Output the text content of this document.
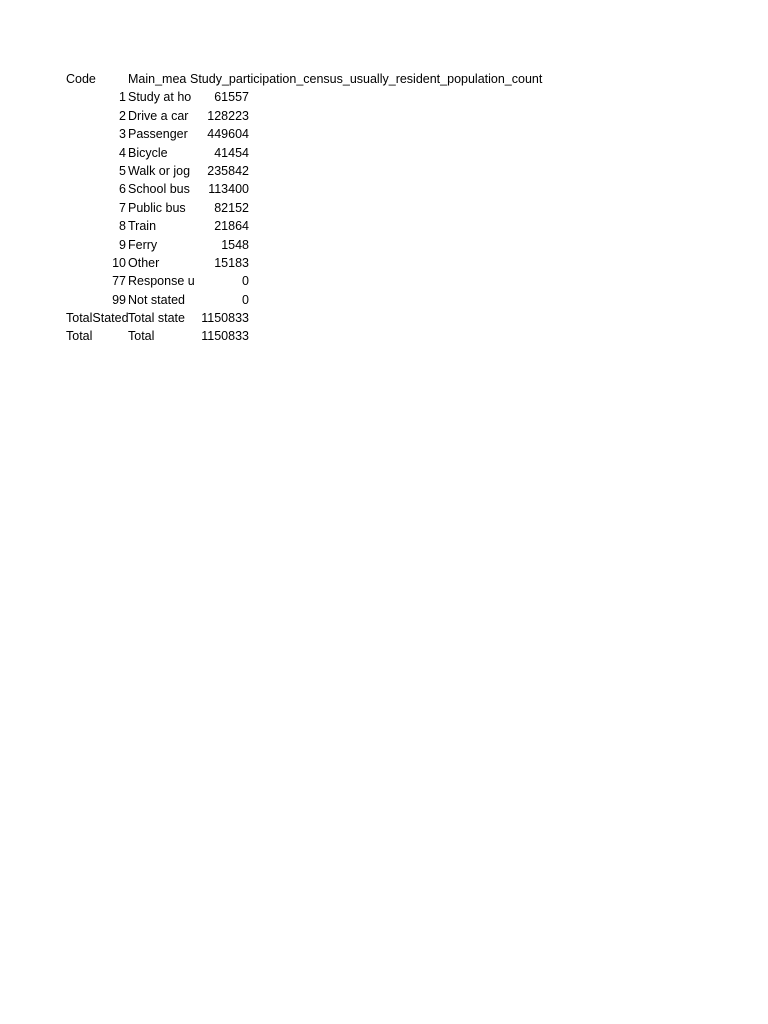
Code	Main_mea Study_participation_census_usually_resident_population_count
1 Study at ho	61557
2 Drive a car	128223
3 Passenger	449604
4 Bicycle	41454
5 Walk or jog	235842
6 School bus	113400
7 Public bus	82152
8 Train	21864
9 Ferry	1548
10 Other	15183
77 Response u	0
99 Not stated	0
TotalStated Total state	1150833
Total	Total	1150833
